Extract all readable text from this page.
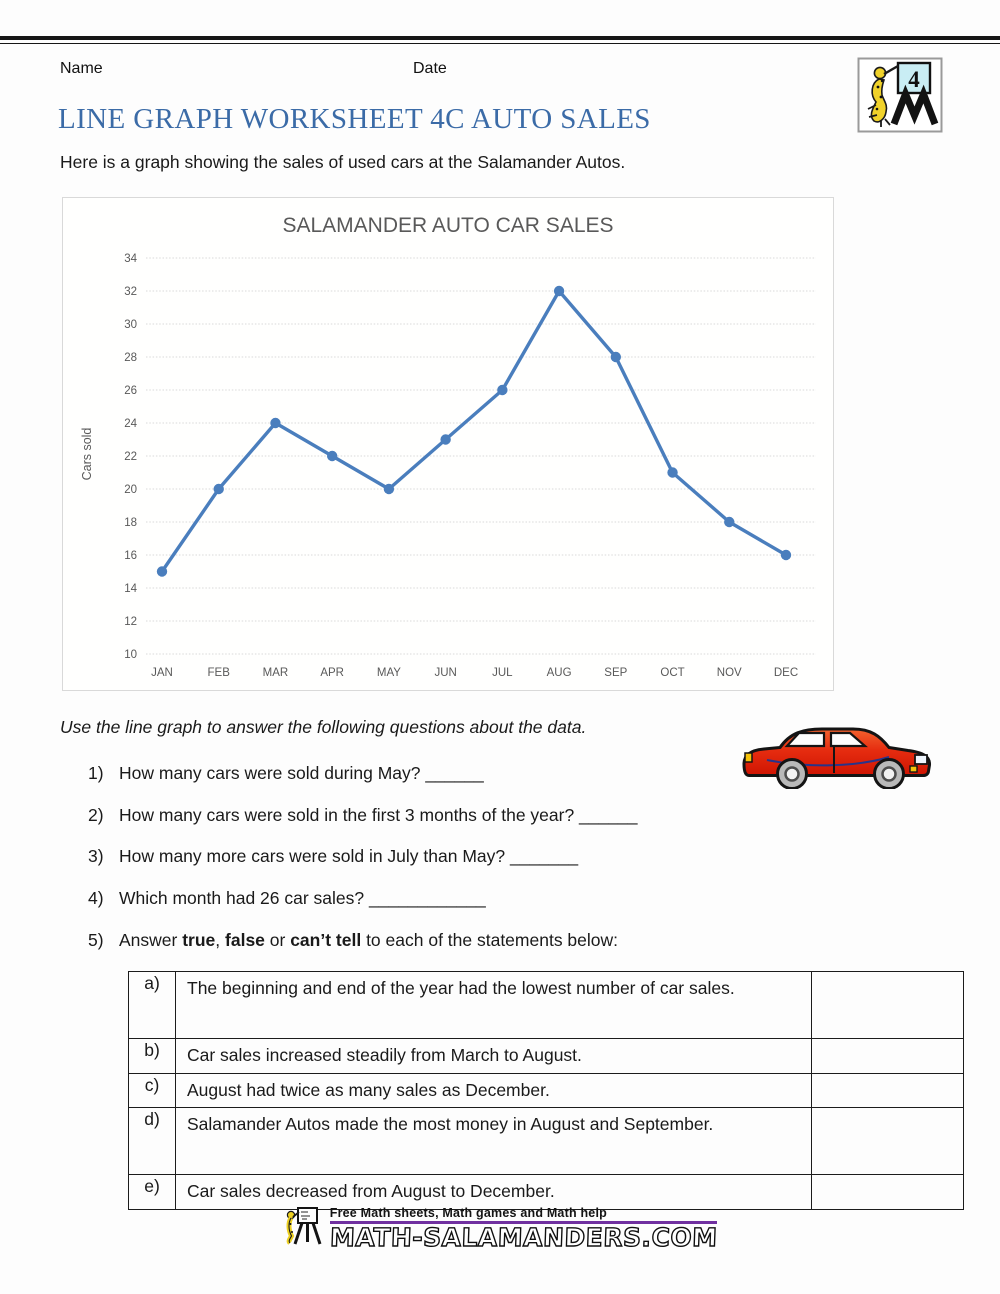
Name	Date	4
LINE GRAPH WORKSHEET 4C AUTO SALES
Here is a graph showing the sales of used cars at the Salamander Autos.
SALAMANDER AUTO CAR SALES
10
12
14
16
18
20
22
24
26
28
30
32
34
JAN	FEB	MAR	APR	MAY	JUN	JUL	AUG	SEP	OCT	NOV	DEC
Cars sold
Use the line graph to answer the following questions about the data.
1) How many cars were sold during May? ______
2) How many cars were sold in the first 3 months of the year? ______
3) How many more cars were sold in July than May? _______
4) Which month had 26 car sales? ____________
5) Answer true, false or can’t tell to each of the statements below:
a)	The beginning and end of the year had the lowest number of car sales.	
b)	Car sales increased steadily from March to August.	
c)	August had twice as many sales as December.	
d)	Salamander Autos made the most money in August and September.	
e)	Car sales decreased from August to December.	
Free Math sheets, Math games and Math help
MATH-SALAMANDERS.COM
